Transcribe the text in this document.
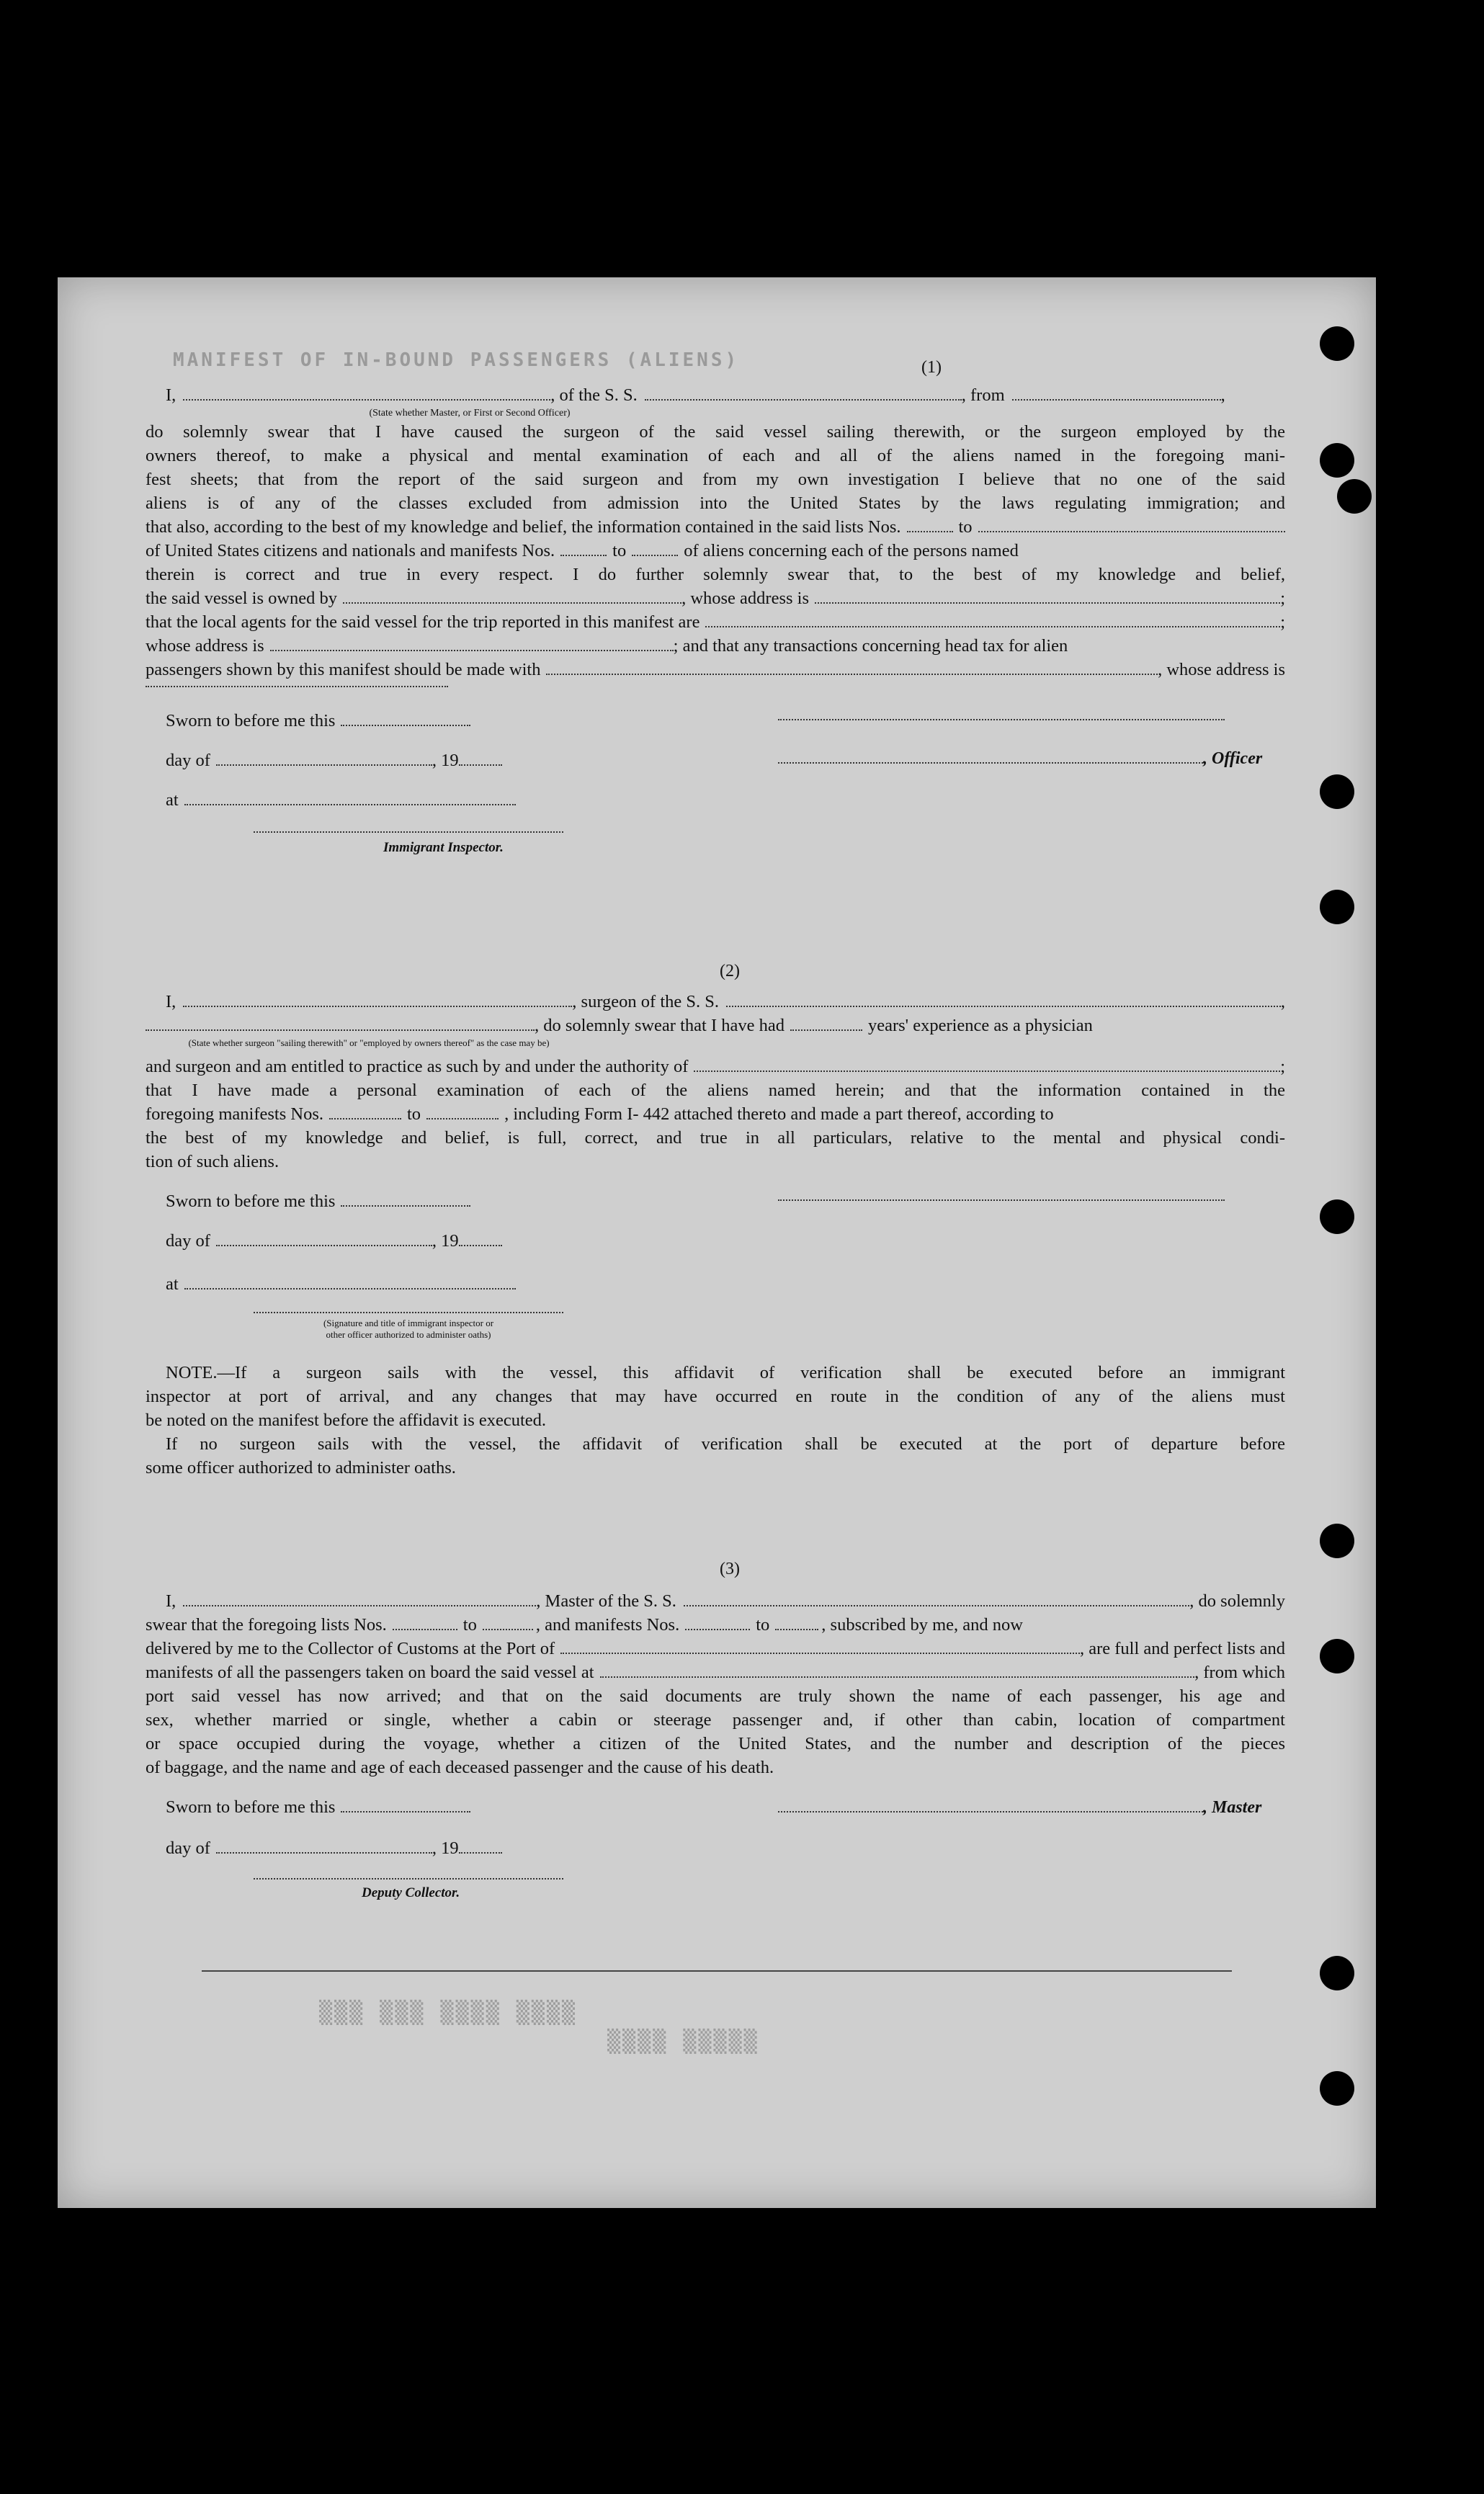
MANIFEST OF IN-BOUND PASSENGERS (ALIENS)	(1)
I,	, of the S. S.	, from	,
(State whether Master, or First or Second Officer)
do solemnly swear that I have caused the surgeon of the said vessel sailing therewith, or the surgeon employed by the
owners thereof, to make a physical and mental examination of each and all of the aliens named in the foregoing mani-
fest sheets; that from the report of the said surgeon and from my own investigation I believe that no one of the said
aliens is of any of the classes excluded from admission into the United States by the laws regulating immigration; and
that also, according to the best of my knowledge and belief, the information contained in the said lists Nos.	to
of United States citizens and nationals and manifests Nos.	to	of aliens concerning each of the persons named
therein is correct and true in every respect. I do further solemnly swear that, to the best of my knowledge and belief,
the said vessel is owned by	, whose address is	;
that the local agents for the said vessel for the trip reported in this manifest are	;
whose address is	; and that any transactions concerning head tax for alien
passengers shown by this manifest should be made with	, whose address is
Sworn to before me this
day of	, 19
at
Immigrant Inspector.
, Officer
(2)
I,	, surgeon of the S. S.	,
, do solemnly swear that I have had	years' experience as a physician
(State whether surgeon "sailing therewith" or "employed by owners thereof" as the case may be)
and surgeon and am entitled to practice as such by and under the authority of	;
that I have made a personal examination of each of the aliens named herein; and that the information contained in the
foregoing manifests Nos.	to	, including Form I- 442 attached thereto and made a part thereof, according to
the best of my knowledge and belief, is full, correct, and true in all particulars, relative to the mental and physical condi-
tion of such aliens.
Sworn to before me this
day of	, 19
at
(Signature and title of immigrant inspector or
other officer authorized to administer oaths)
NOTE.—If a surgeon sails with the vessel, this affidavit of verification shall be executed before an immigrant
inspector at port of arrival, and any changes that may have occurred en route in the condition of any of the aliens must
be noted on the manifest before the affidavit is executed.
If no surgeon sails with the vessel, the affidavit of verification shall be executed at the port of departure before
some officer authorized to administer oaths.
(3)
I,	, Master of the S. S.	, do solemnly
swear that the foregoing lists Nos.	to	, and manifests Nos.	to	, subscribed by me, and now
delivered by me to the Collector of Customs at the Port of	, are full and perfect lists and
manifests of all the passengers taken on board the said vessel at	, from which
port said vessel has now arrived; and that on the said documents are truly shown the name of each passenger, his age and
sex, whether married or single, whether a cabin or steerage passenger and, if other than cabin, location of compartment
or space occupied during the voyage, whether a citizen of the United States, and the number and description of the pieces
of baggage, and the name and age of each deceased passenger and the cause of his death.
Sworn to before me this
day of	, 19
Deputy Collector.
, Master
▒▒▒▒ ▒▒▒▒ ▒▒▒ ▒▒▒
▒▒▒▒▒ ▒▒▒▒
